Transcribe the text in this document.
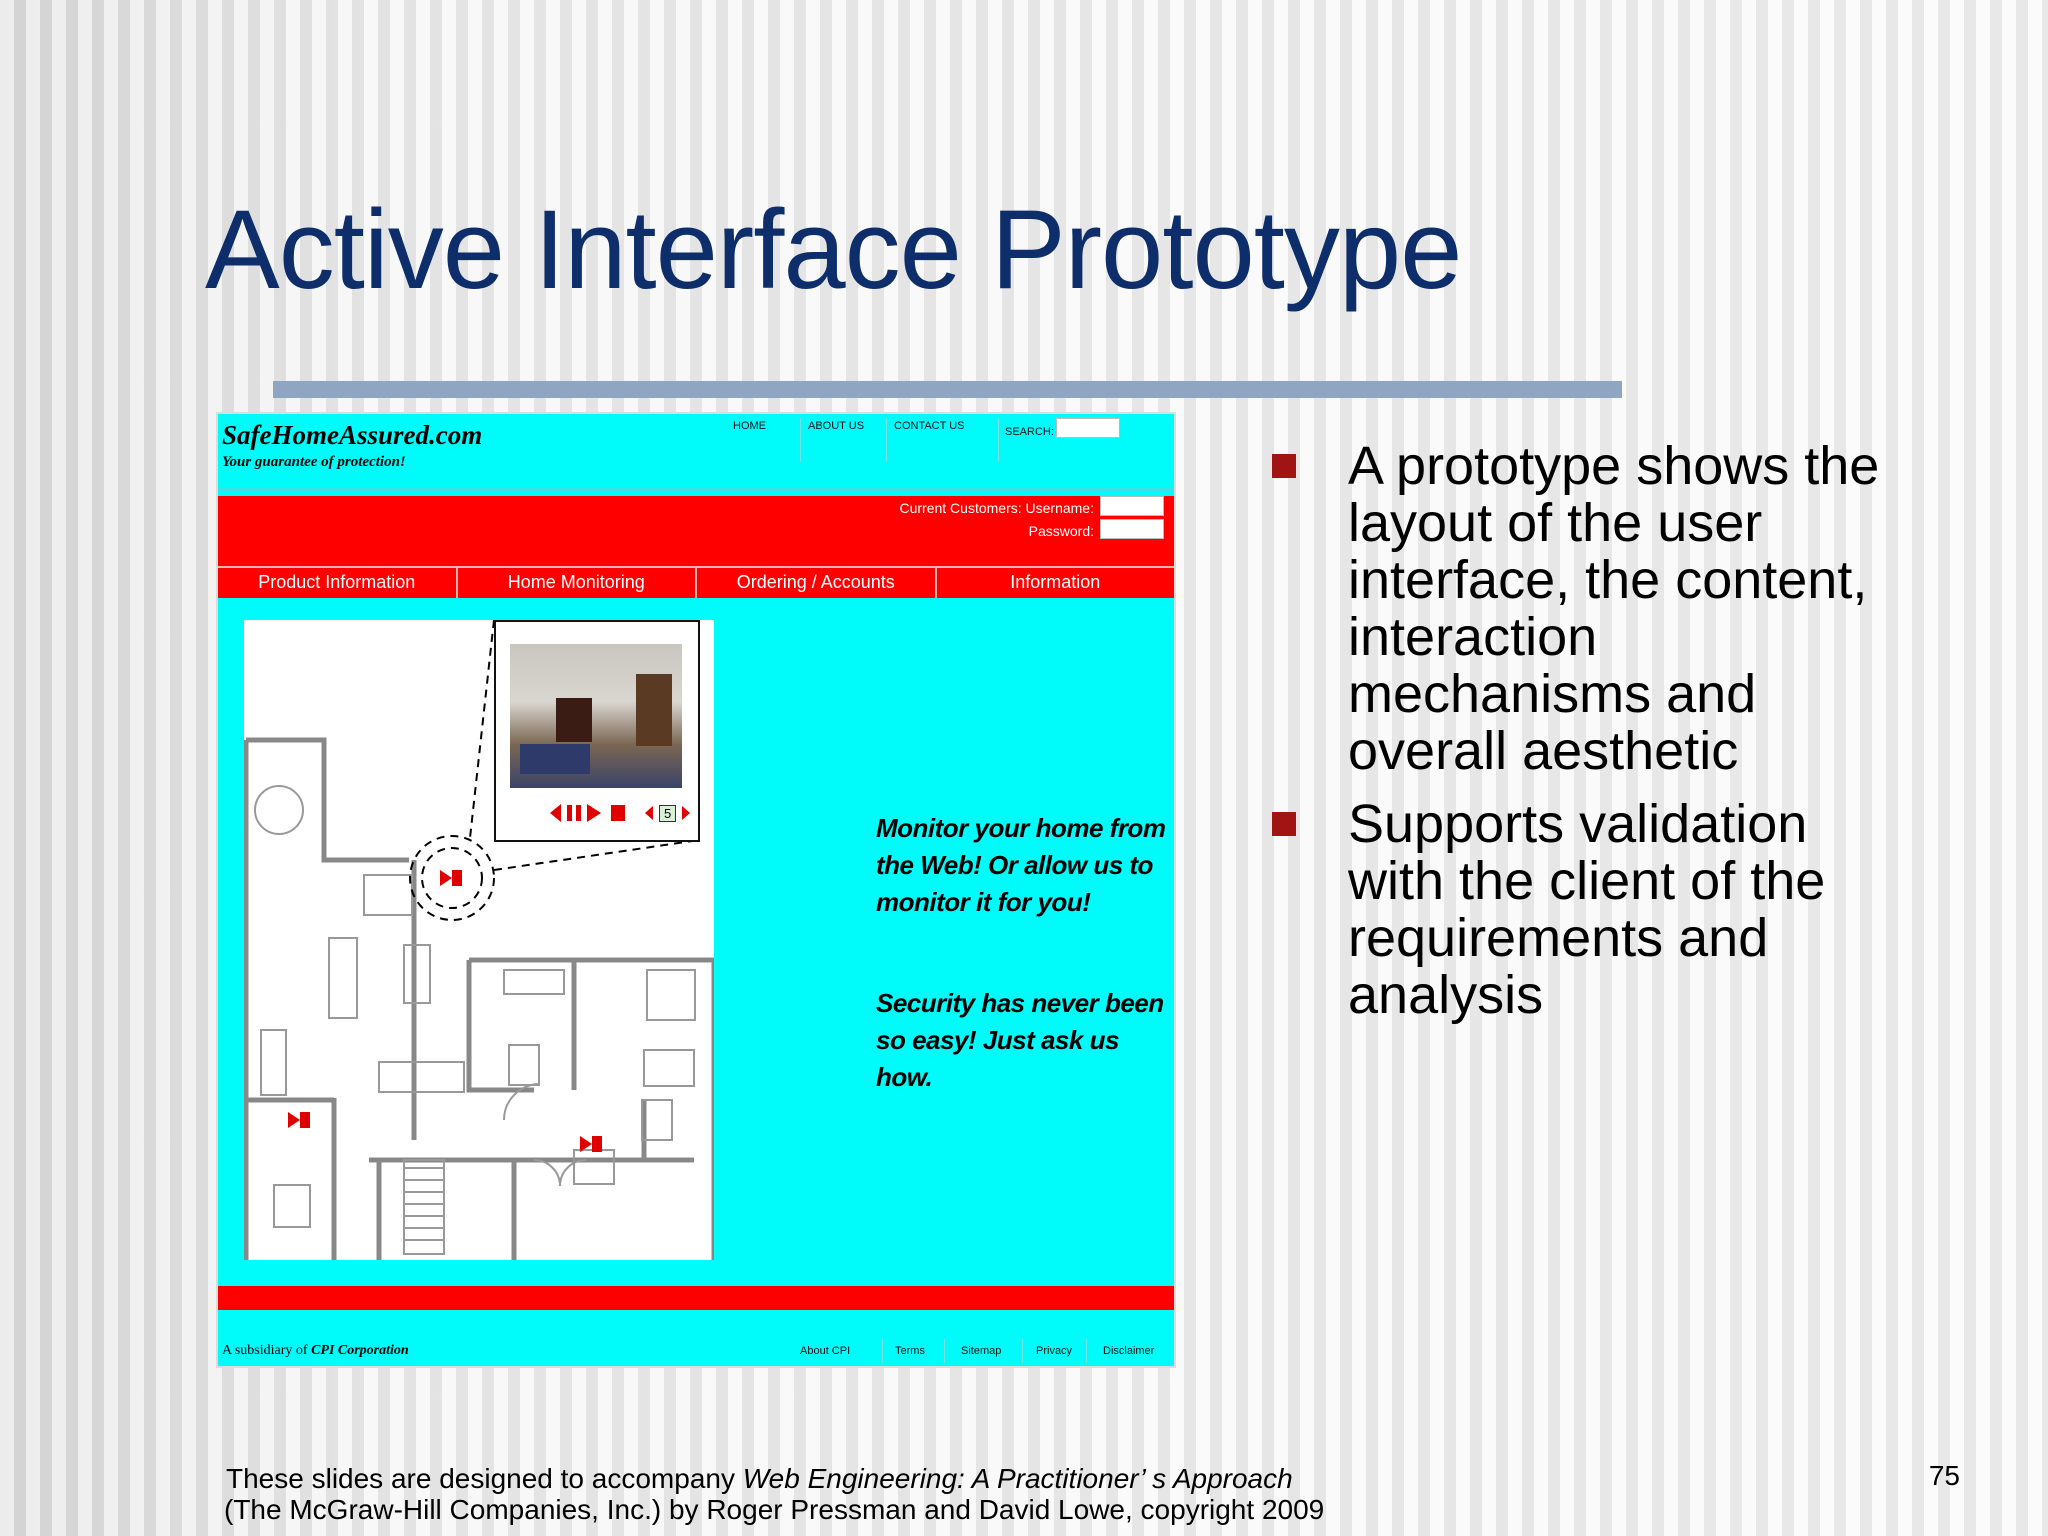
Active Interface Prototype
SafeHomeAssured.com
Your guarantee of protection!
HOME	ABOUT US	CONTACT US	SEARCH:
Current Customers: Username:
Password:
Product Information	Home Monitoring	Ordering / Accounts	Information
5	Monitor your home from the Web! Or allow us to monitor it for you!
Security has never been so easy! Just ask us how.
A subsidiary of CPI Corporation	About CPI	Terms	Sitemap	Privacy	Disclaimer
A prototype shows the layout of the user interface, the content, interaction mechanisms and overall aesthetic
Supports validation with the client of the requirements and analysis
These slides are designed to accompany Web Engineering: A Practitioner’ s Approach
(The McGraw-Hill Companies, Inc.) by Roger Pressman and David Lowe, copyright 2009
75
